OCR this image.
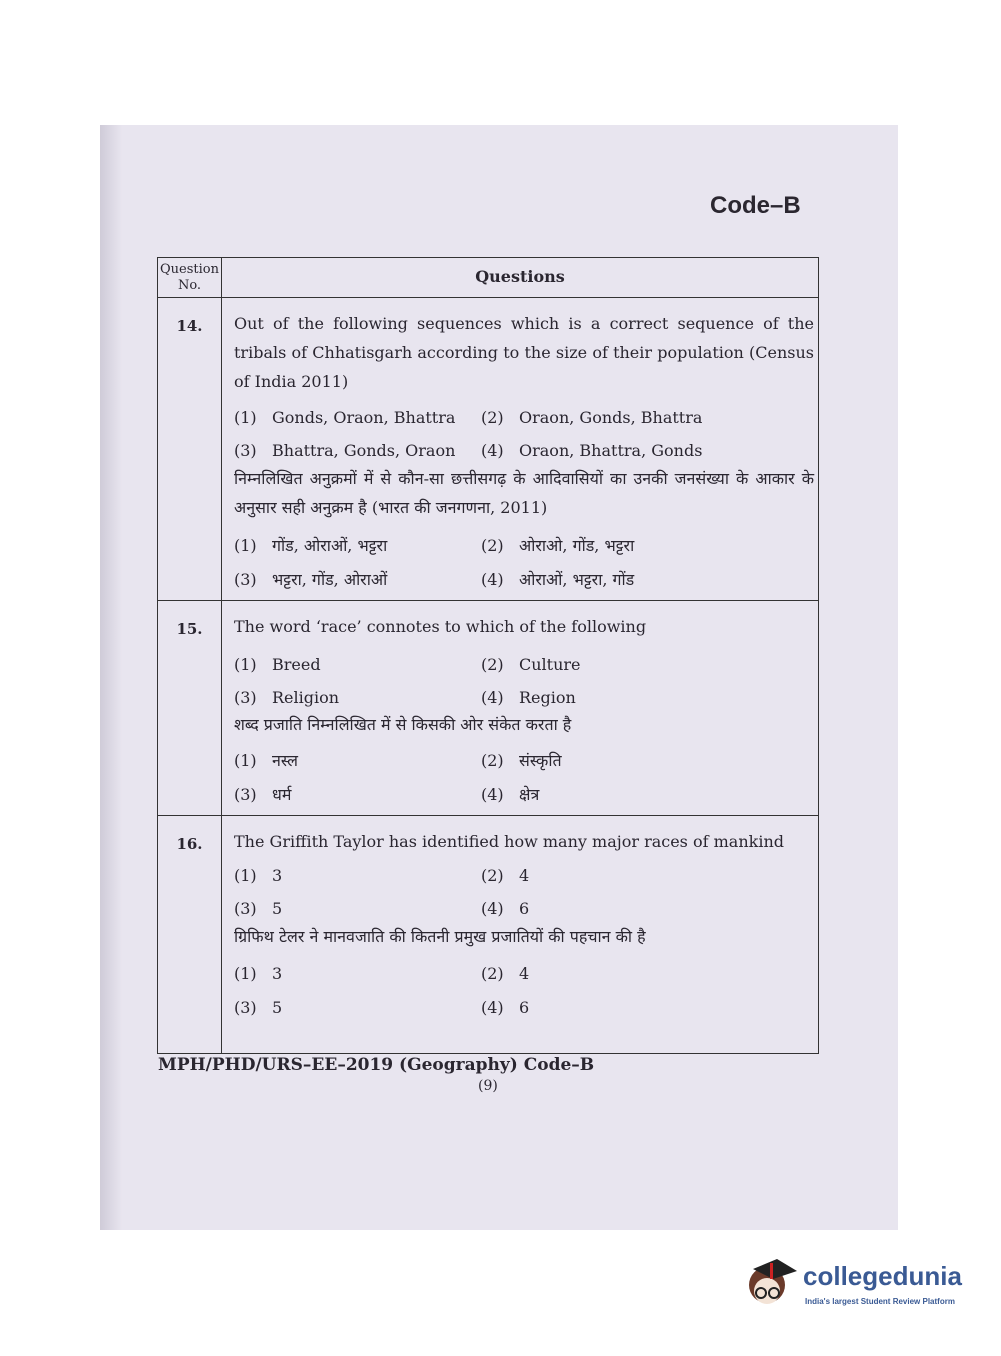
Code–B
Question No.	Questions
14.	Out of the following sequences which is a correct sequence of the tribals of Chhatisgarh according to the size of their population (Census of India 2011)
(1) Gonds, Oraon, Bhattra (2) Oraon, Gonds, Bhattra
(3) Bhattra, Gonds, Oraon (4) Oraon, Bhattra, Gonds
निम्नलिखित अनुक्रमों में से कौन-सा छत्तीसगढ़ के आदिवासियों का उनकी जनसंख्या के आकार के अनुसार सही अनुक्रम है (भारत की जनगणना, 2011)
(1) गोंड, ओराओं, भट्टरा	(2) ओराओ, गोंड, भट्टरा
(3) भट्टरा, गोंड, ओराओं	(4) ओराओं, भट्टरा, गोंड
15.	The word ‘race’ connotes to which of the following
(1) Breed	(2) Culture
(3) Religion	(4) Region
शब्द प्रजाति निम्नलिखित में से किसकी ओर संकेत करता है
(1) नस्ल	(2) संस्कृति
(3) धर्म	(4) क्षेत्र
16.	The Griffith Taylor has identified how many major races of mankind
(1) 3	(2) 4
(3) 5	(4) 6
ग्रिफिथ टेलर ने मानवजाति की कितनी प्रमुख प्रजातियों की पहचान की है
(1) 3	(2) 4
(3) 5	(4) 6
MPH/PHD/URS–EE–2019 (Geography) Code–B
(9)
collegedunia
India's largest Student Review Platform
